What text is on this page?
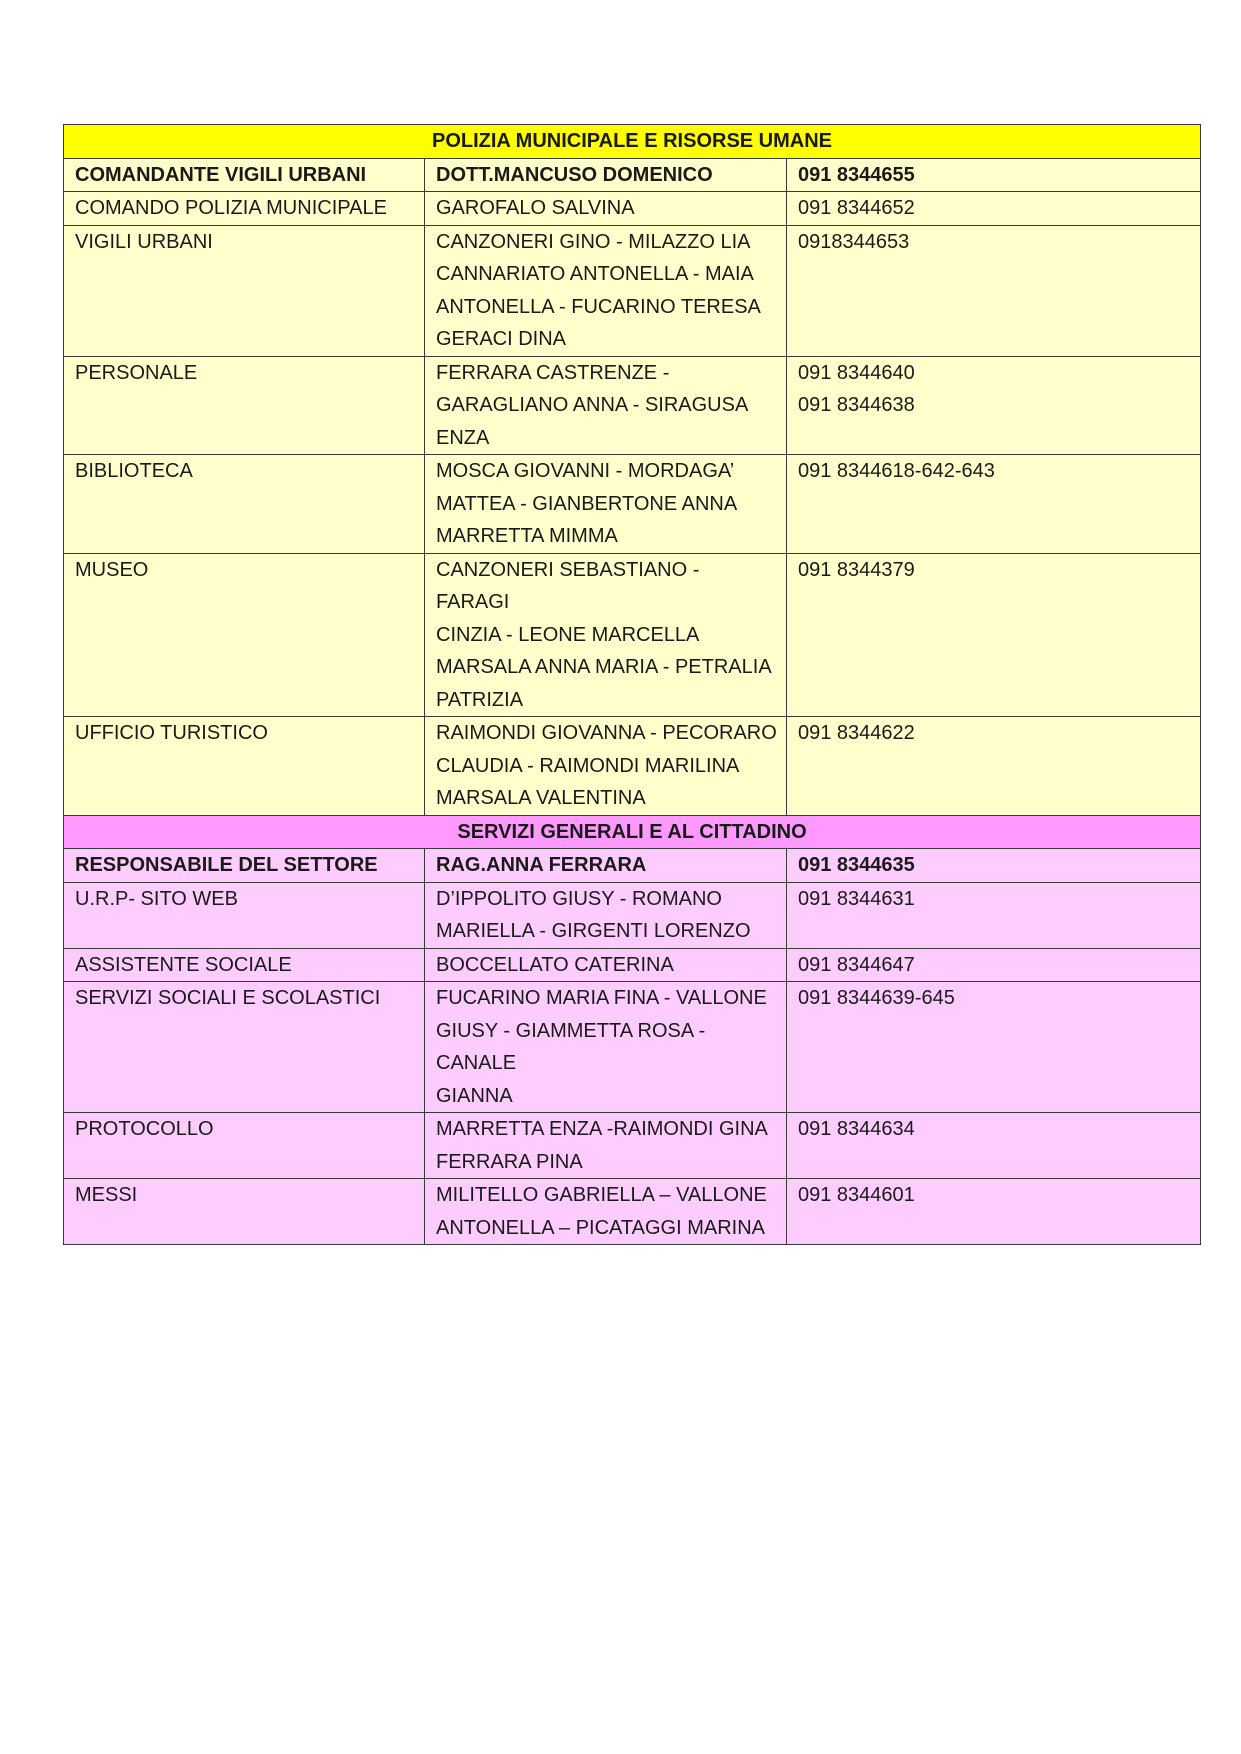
POLIZIA MUNICIPALE E RISORSE UMANE		
COMANDANTE VIGILI URBANI	DOTT.MANCUSO DOMENICO	091 8344655

COMANDO POLIZIA MUNICIPALE	GAROFALO SALVINA	091 8344652

VIGILI URBANI	CANZONERI GINO - MILAZZO LIA
CANNARIATO ANTONELLA - MAIA
ANTONELLA - FUCARINO TERESA
GERACI DINA	0918344653

PERSONALE	FERRARA CASTRENZE -
GARAGLIANO ANNA - SIRAGUSA
ENZA	091 8344640
091 8344638

BIBLIOTECA	MOSCA GIOVANNI - MORDAGA’
MATTEA - GIANBERTONE ANNA
MARRETTA MIMMA	091 8344618-642-643

MUSEO	CANZONERI SEBASTIANO - FARAGI
CINZIA - LEONE MARCELLA
MARSALA ANNA MARIA - PETRALIA
PATRIZIA	091 8344379

UFFICIO TURISTICO	RAIMONDI GIOVANNA - PECORARO
CLAUDIA - RAIMONDI MARILINA
MARSALA VALENTINA	091 8344622

SERVIZI GENERALI E AL CITTADINO		
RESPONSABILE DEL SETTORE	RAG.ANNA FERRARA	091 8344635

U.R.P- SITO WEB	D’IPPOLITO GIUSY - ROMANO
MARIELLA - GIRGENTI LORENZO	091 8344631

ASSISTENTE SOCIALE	BOCCELLATO CATERINA	091 8344647

SERVIZI SOCIALI E SCOLASTICI	FUCARINO MARIA FINA - VALLONE
GIUSY - GIAMMETTA ROSA - CANALE
GIANNA	091 8344639-645

PROTOCOLLO	MARRETTA ENZA -RAIMONDI GINA
FERRARA PINA	091 8344634

MESSI	MILITELLO GABRIELLA – VALLONE
ANTONELLA – PICATAGGI MARINA	091 8344601
